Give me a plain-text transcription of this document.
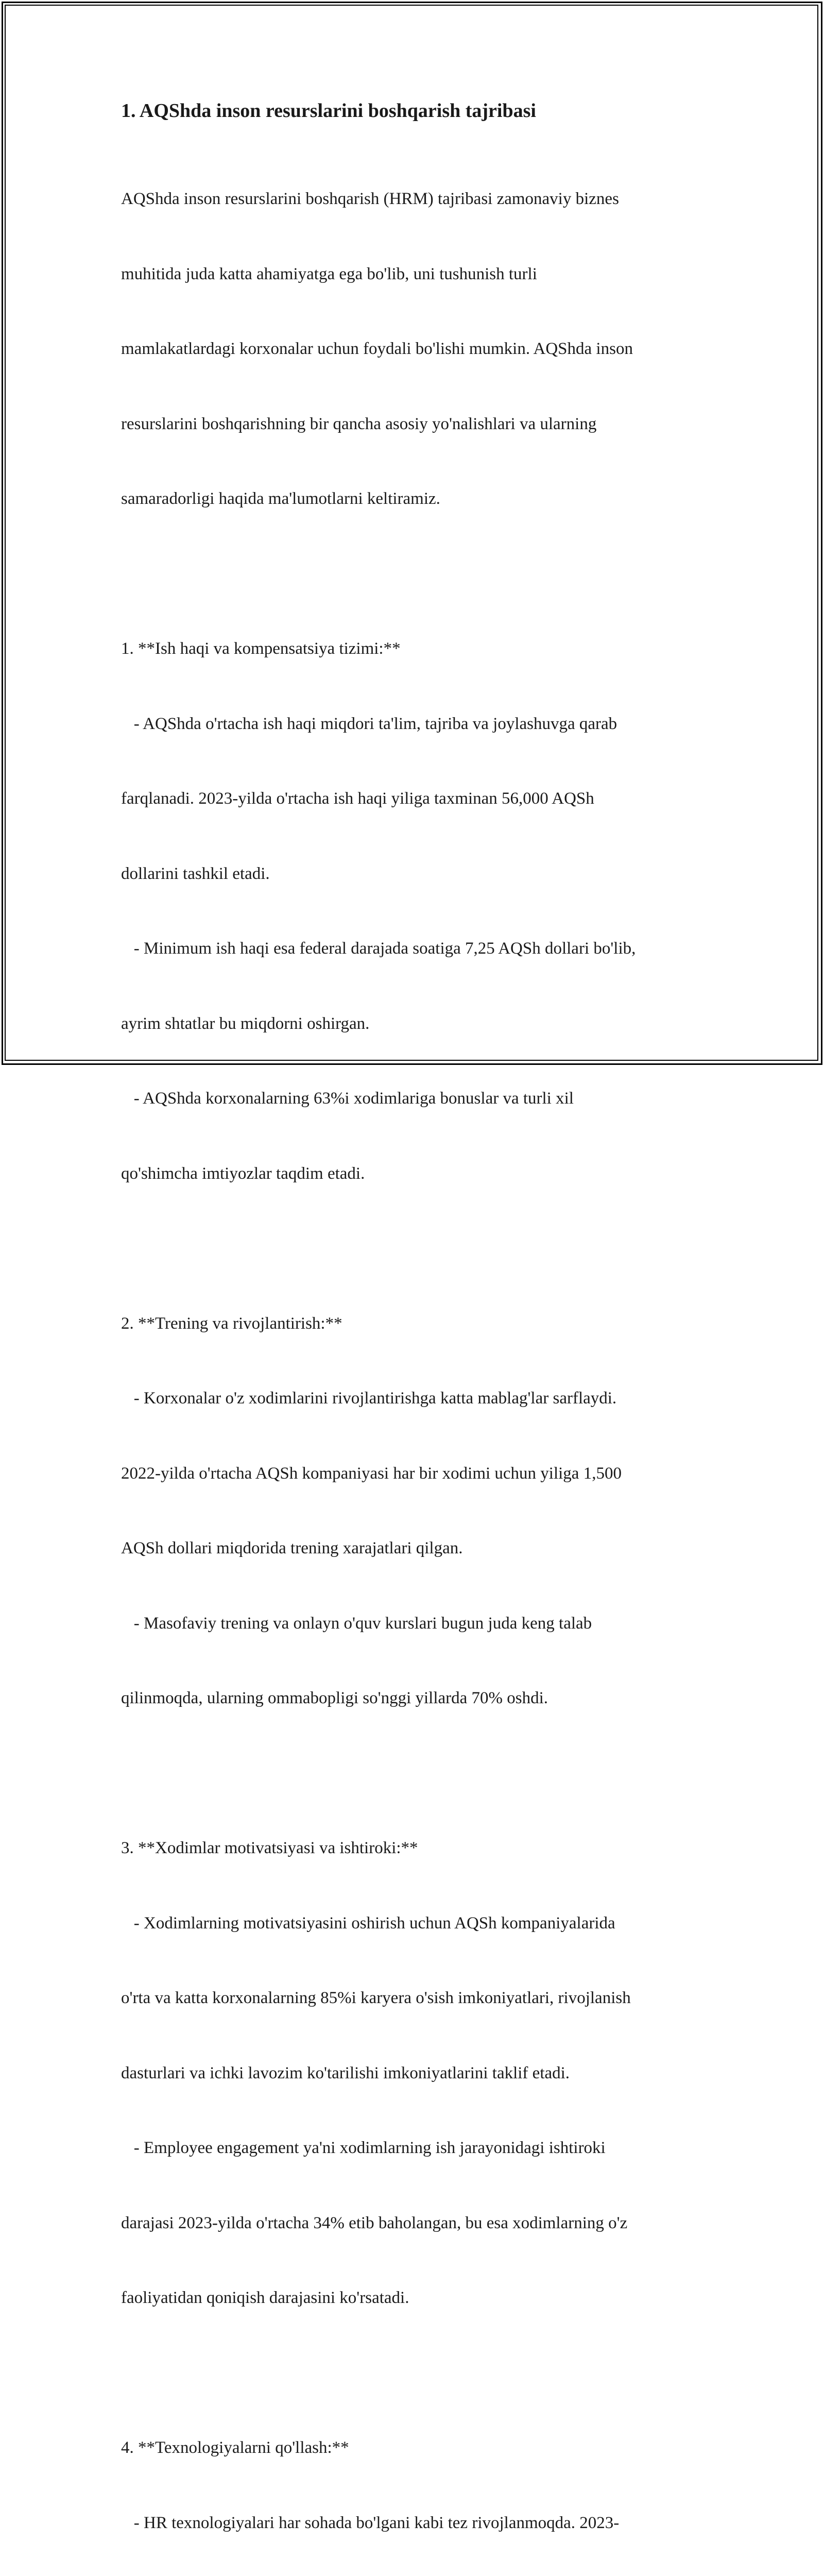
1. AQShda inson resurslarini boshqarish tajribasi

AQShda inson resurslarini boshqarish (HRM) tajribasi zamonaviy biznes

muhitida juda katta ahamiyatga ega bo'lib, uni tushunish turli

mamlakatlardagi korxonalar uchun foydali bo'lishi mumkin. AQShda inson

resurslarini boshqarishning bir qancha asosiy yo'nalishlari va ularning

samaradorligi haqida ma'lumotlarni keltiramiz.

1. **Ish haqi va kompensatsiya tizimi:**

- AQShda o'rtacha ish haqi miqdori ta'lim, tajriba va joylashuvga qarab

farqlanadi. 2023-yilda o'rtacha ish haqi yiliga taxminan 56,000 AQSh

dollarini tashkil etadi.

- Minimum ish haqi esa federal darajada soatiga 7,25 AQSh dollari bo'lib,

ayrim shtatlar bu miqdorni oshirgan.

- AQShda korxonalarning 63%i xodimlariga bonuslar va turli xil

qo'shimcha imtiyozlar taqdim etadi.

2. **Trening va rivojlantirish:**

- Korxonalar o'z xodimlarini rivojlantirishga katta mablag'lar sarflaydi.

2022-yilda o'rtacha AQSh kompaniyasi har bir xodimi uchun yiliga 1,500

AQSh dollari miqdorida trening xarajatlari qilgan.

- Masofaviy trening va onlayn o'quv kurslari bugun juda keng talab

qilinmoqda, ularning ommabopligi so'nggi yillarda 70% oshdi.

3. **Xodimlar motivatsiyasi va ishtiroki:**

- Xodimlarning motivatsiyasini oshirish uchun AQSh kompaniyalarida

o'rta va katta korxonalarning 85%i karyera o'sish imkoniyatlari, rivojlanish

dasturlari va ichki lavozim ko'tarilishi imkoniyatlarini taklif etadi.

- Employee engagement ya'ni xodimlarning ish jarayonidagi ishtiroki

darajasi 2023-yilda o'rtacha 34% etib baholangan, bu esa xodimlarning o'z

faoliyatidan qoniqish darajasini ko'rsatadi.

4. **Texnologiyalarni qo'llash:**

- HR texnologiyalari har sohada bo'lgani kabi tez rivojlanmoqda. 2023-
